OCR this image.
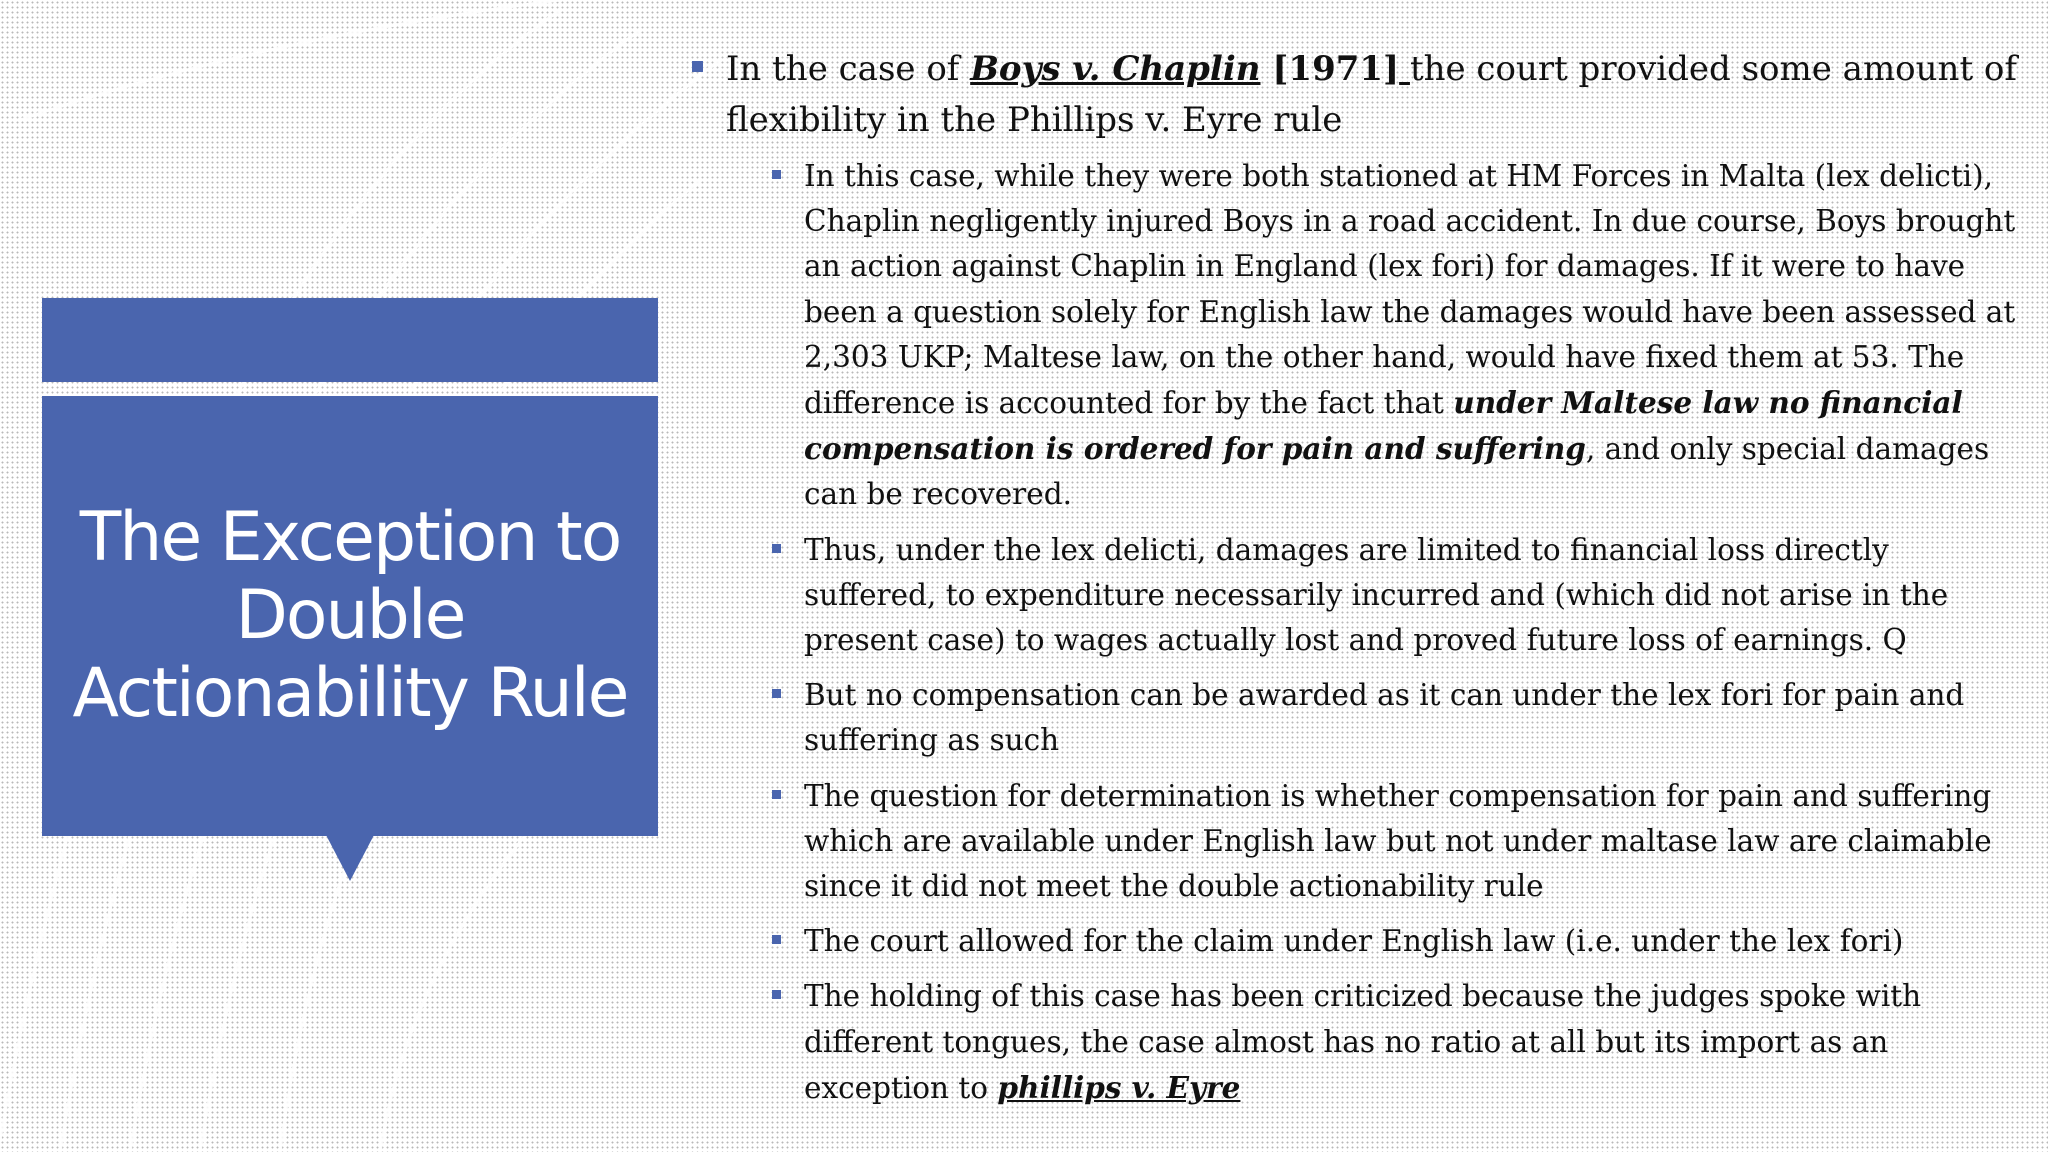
The Exception to
Double
Actionability Rule
In the case of Boys v. Chaplin [1971] the court provided some amount of flexibility in the Phillips v. Eyre rule
In this case, while they were both stationed at HM Forces in Malta (lex delicti), Chaplin negligently injured Boys in a road accident. In due course, Boys brought an action against Chaplin in England (lex fori) for damages. If it were to have been a question solely for English law the damages would have been assessed at 2,303 UKP; Maltese law, on the other hand, would have fixed them at 53. The difference is accounted for by the fact that under Maltese law no financial compensation is ordered for pain and suffering, and only special damages can be recovered.
Thus, under the lex delicti, damages are limited to financial loss directly suffered, to expenditure necessarily incurred and (which did not arise in the present case) to wages actually lost and proved future loss of earnings. Q
But no compensation can be awarded as it can under the lex fori for pain and suffering as such
The question for determination is whether compensation for pain and suffering which are available under English law but not under maltase law are claimable since it did not meet the double actionability rule
The court allowed for the claim under English law (i.e. under the lex fori)
The holding of this case has been criticized because the judges spoke with different tongues, the case almost has no ratio at all but its import as an exception to phillips v. Eyre
